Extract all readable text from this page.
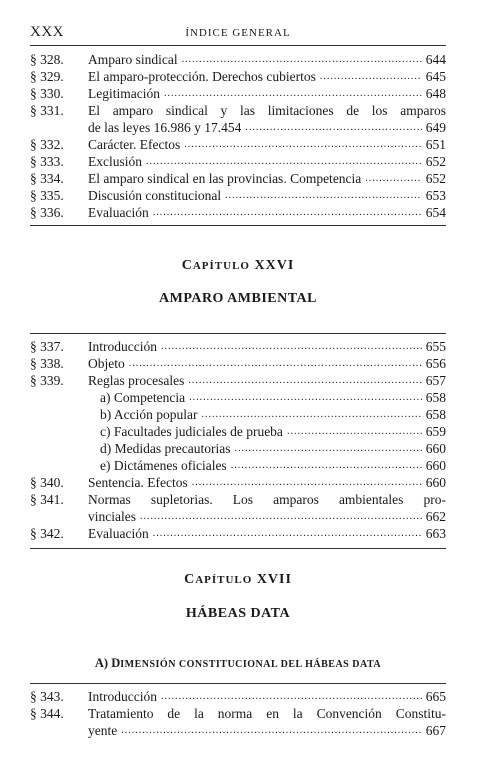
XXX	ÍNDICE GENERAL
§ 328.	Amparo sindical .....	644
§ 329.	El amparo-protección. Derechos cubiertos .....	645
§ 330.	Legitimación .....	648
§ 331.	El amparo sindical y las limitaciones de los amparos
de las leyes 16.986 y 17.454 .....	649
§ 332.	Carácter. Efectos .....	651
§ 333.	Exclusión .....	652
§ 334.	El amparo sindical en las provincias. Competencia .....	652
§ 335.	Discusión constitucional .....	653
§ 336.	Evaluación .....	654
CAPÍTULO XXVI
AMPARO AMBIENTAL
§ 337.	Introducción .....	655
§ 338.	Objeto .....	656
§ 339.	Reglas procesales .....	657
a) Competencia .....	658
b) Acción popular .....	658
c) Facultades judiciales de prueba .....	659
d) Medidas precautorias .....	660
e) Dictámenes oficiales .....	660
§ 340.	Sentencia. Efectos .....	660
§ 341.	Normas supletorias. Los amparos ambientales pro-
vinciales .....	662
§ 342.	Evaluación .....	663
CAPÍTULO XVII
HÁBEAS DATA
A) DIMENSIÓN CONSTITUCIONAL DEL HÁBEAS DATA
§ 343.	Introducción .....	665
§ 344.	Tratamiento de la norma en la Convención Constitu-
yente .....	667
